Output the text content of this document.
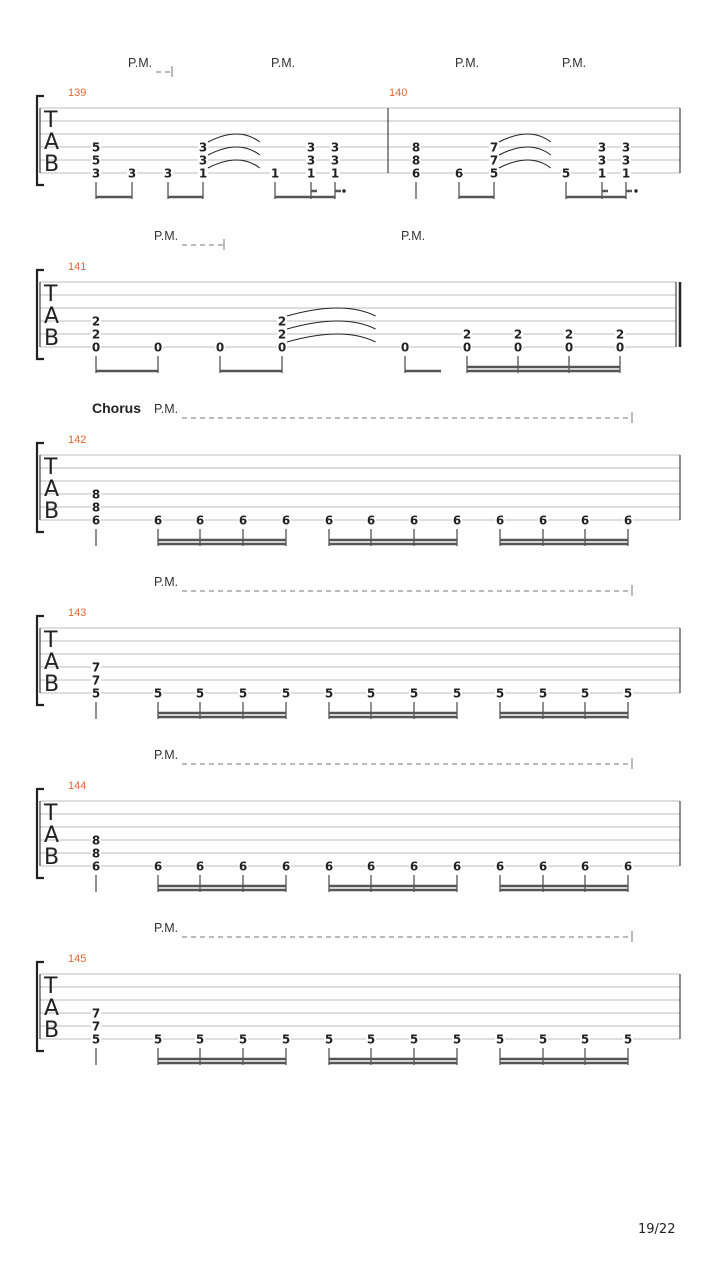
T
A
B
P.M.	P.M.	P.M.	P.M.
139
5
5
3 3 3
3
3
1	1
3
3
1
3
3
1
140
8
8
6	6
7
7
5	5
3
3
1
3
3
1
T
A
B
P.M.	P.M.
141
2
2
0	0	0
2
2
0	0
2
0
2
0
2
0
2
0
T
A
B
Chorus P.M.
142
8
8
6	6	6	6	6	6	6	6	6	6	6	6	6
T
A
B
P.M.
143
7
7
5	5	5	5	5	5	5	5	5	5	5	5	5
T
A
B
P.M.
144
8
8
6	6	6	6	6	6	6	6	6	6	6	6	6
T
A
B
P.M.
145
7
7
5	5	5	5	5	5	5	5	5	5	5	5	5
19/22
